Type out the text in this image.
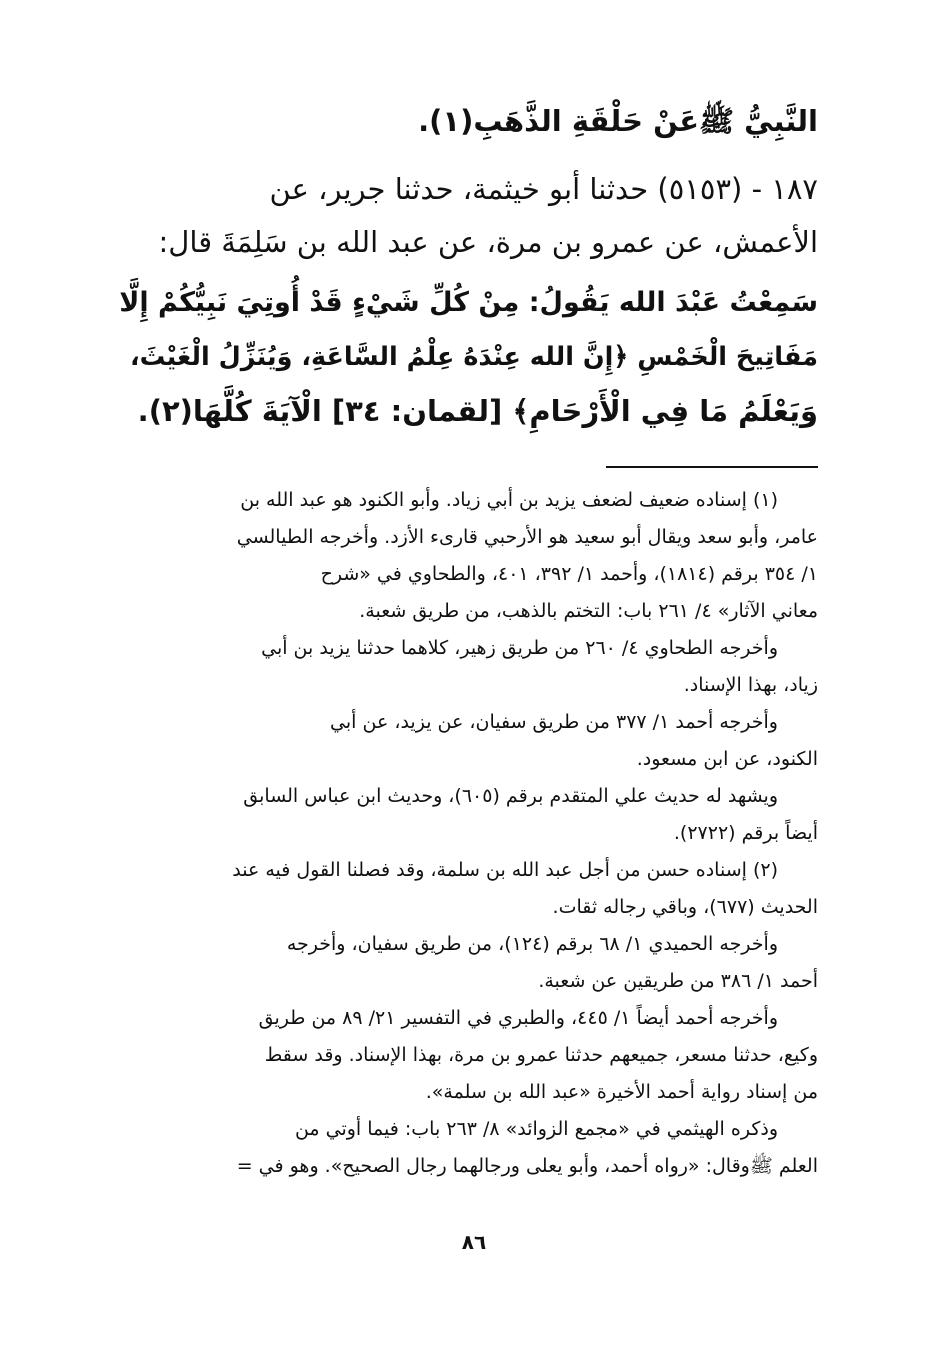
النَّبِيُّ ﷺعَنْ حَلْقَةِ الذَّهَبِ(١).
١٨٧ - (٥١٥٣) حدثنا أبو خيثمة، حدثنا جرير، عن
الأعمش، عن عمرو بن مرة، عن عبد الله بن سَلِمَةَ قال:
سَمِعْتُ عَبْدَ الله يَقُولُ: مِنْ كُلِّ شَيْءٍ قَدْ أُوتِيَ نَبِيُّكُمْ إِلَّا
مَفَاتِيحَ الْخَمْسِ ﴿إِنَّ الله عِنْدَهُ عِلْمُ السَّاعَةِ، وَيُنَزِّلُ الْغَيْثَ،
وَيَعْلَمُ مَا فِي الْأَرْحَامِ﴾ [لقمان: ٣٤] الْآيَةَ كُلَّهَا(٢).

(١) إسناده ضعيف لضعف يزيد بن أبي زياد. وأبو الكنود هو عبد الله بن

عامر، وأبو سعد ويقال أبو سعيد هو الأرحبي قارىء الأزد. وأخرجه الطيالسي

١/ ٣٥٤ برقم (١٨١٤)، وأحمد ١/ ٣٩٢، ٤٠١، والطحاوي في «شرح

معاني الآثار» ٤/ ٢٦١ باب: التختم بالذهب، من طريق شعبة.

وأخرجه الطحاوي ٤/ ٢٦٠ من طريق زهير، كلاهما حدثنا يزيد بن أبي

زياد، بهذا الإسناد.

وأخرجه أحمد ١/ ٣٧٧ من طريق سفيان، عن يزيد، عن أبي

الكنود، عن ابن مسعود.

ويشهد له حديث علي المتقدم برقم (٦٠٥)، وحديث ابن عباس السابق

أيضاً برقم (٢٧٢٢).

(٢) إسناده حسن من أجل عبد الله بن سلمة، وقد فصلنا القول فيه عند

الحديث (٦٧٧)، وباقي رجاله ثقات.

وأخرجه الحميدي ١/ ٦٨ برقم (١٢٤)، من طريق سفيان، وأخرجه

أحمد ١/ ٣٨٦ من طريقين عن شعبة.

وأخرجه أحمد أيضاً ١/ ٤٤٥، والطبري في التفسير ٢١/ ٨٩ من طريق

وكيع، حدثنا مسعر، جميعهم حدثنا عمرو بن مرة، بهذا الإسناد. وقد سقط

من إسناد رواية أحمد الأخيرة «عبد الله بن سلمة».

وذكره الهيثمي في «مجمع الزوائد» ٨/ ٢٦٣ باب: فيما أوتي من

العلم ﷺوقال: «رواه أحمد، وأبو يعلى ورجالهما رجال الصحيح». وهو في =

٨٦
